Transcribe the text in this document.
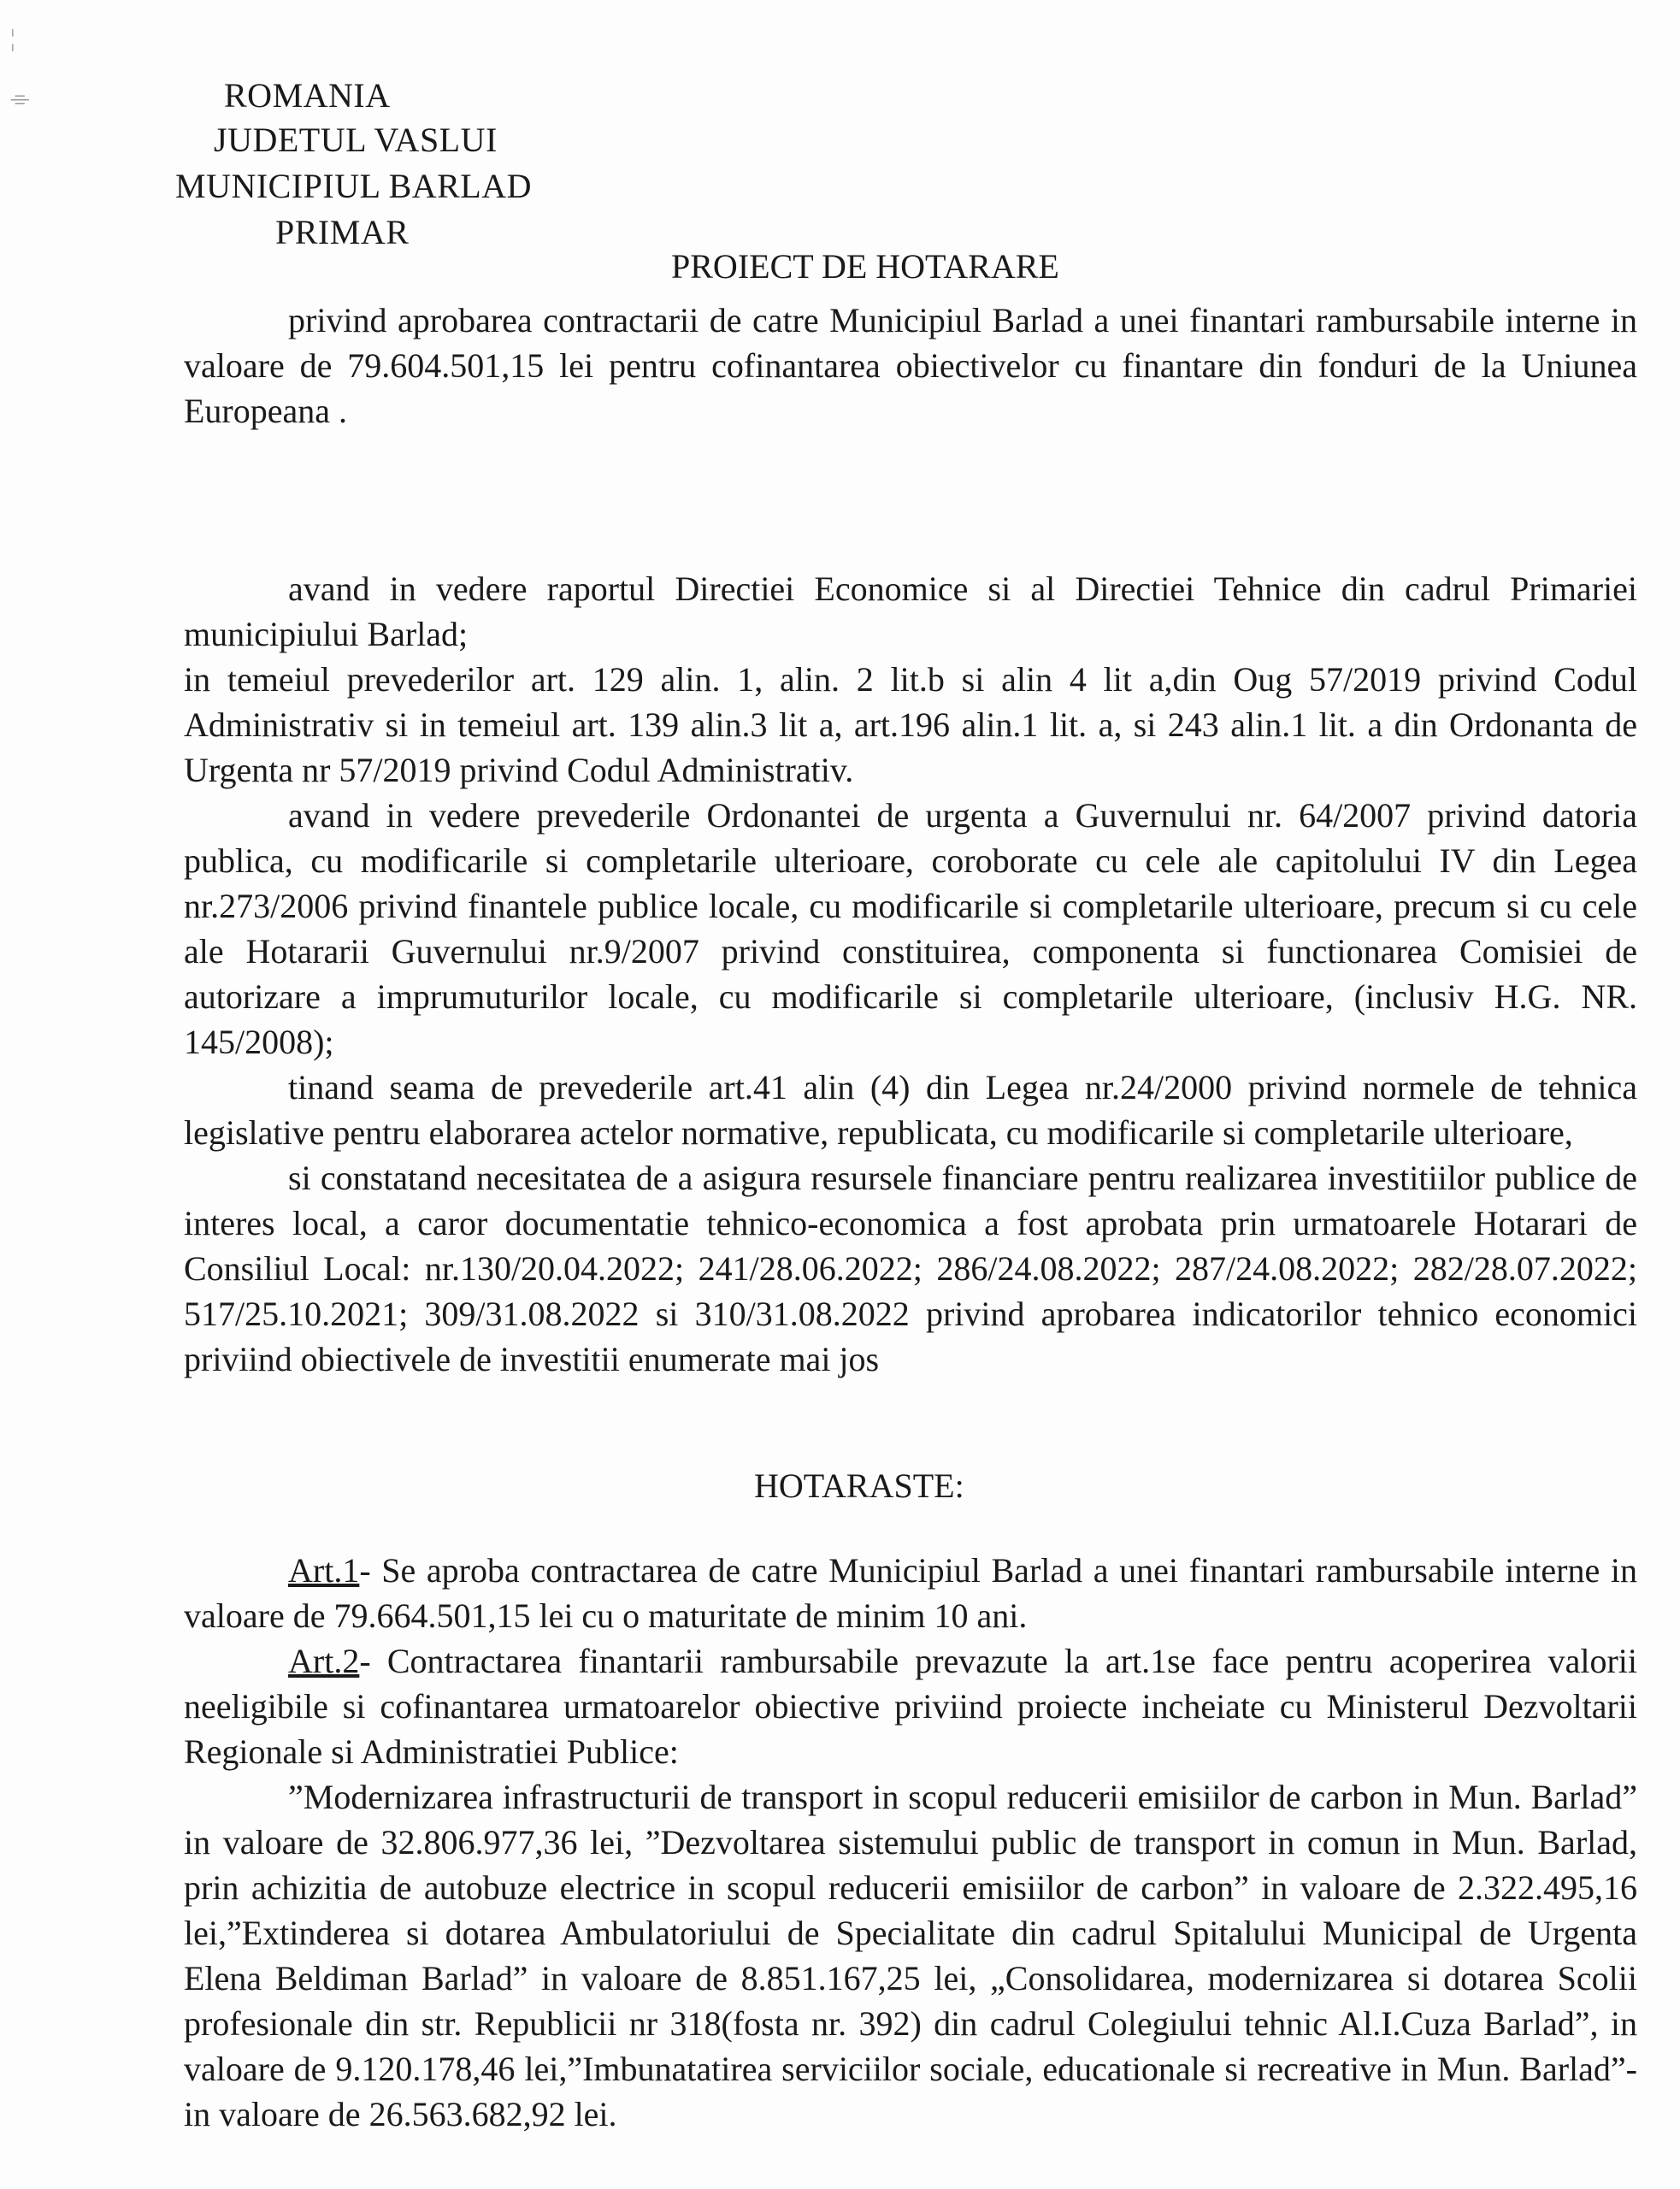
¦
⌯	ROMANIA
JUDETUL VASLUI
MUNICIPIUL BARLAD
PRIMAR
PROIECT DE HOTARARE

privind aprobarea contractarii de catre Municipiul Barlad a unei finantari rambursabile interne in valoare de 79.604.501,15 lei pentru cofinantarea obiectivelor cu finantare din fonduri de la Uniunea Europeana .

avand in vedere raportul Directiei Economice si al Directiei Tehnice din cadrul Primariei municipiului Barlad;

in temeiul prevederilor art. 129 alin. 1, alin. 2 lit.b si alin 4 lit a,din Oug 57/2019 privind Codul Administrativ si in temeiul art. 139 alin.3 lit a, art.196 alin.1 lit. a, si 243 alin.1 lit. a din Ordonanta de Urgenta nr 57/2019 privind Codul Administrativ.

avand in vedere prevederile Ordonantei de urgenta a Guvernului nr. 64/2007 privind datoria publica, cu modificarile si completarile ulterioare, coroborate cu cele ale capitolului IV din Legea nr.273/2006 privind finantele publice locale, cu modificarile si completarile ulterioare, precum si cu cele ale Hotararii Guvernului nr.9/2007 privind constituirea, componenta si functionarea Comisiei de autorizare a imprumuturilor locale, cu modificarile si completarile ulterioare, (inclusiv H.G. NR. 145/2008);

tinand seama de prevederile art.41 alin (4) din Legea nr.24/2000 privind normele de tehnica legislative pentru elaborarea actelor normative, republicata, cu modificarile si completarile ulterioare,

si constatand necesitatea de a asigura resursele financiare pentru realizarea investitiilor publice de interes local, a caror documentatie tehnico-economica a fost aprobata prin urmatoarele Hotarari de Consiliul Local: nr.130/20.04.2022; 241/28.06.2022; 286/24.08.2022; 287/24.08.2022; 282/28.07.2022; 517/25.10.2021; 309/31.08.2022 si 310/31.08.2022 privind aprobarea indicatorilor tehnico economici priviind obiectivele de investitii enumerate mai jos

HOTARASTE:

Art.1- Se aproba contractarea de catre Municipiul Barlad a unei finantari rambursabile interne in valoare de 79.664.501,15 lei cu o maturitate de minim 10 ani.

Art.2- Contractarea finantarii rambursabile prevazute la art.1se face pentru acoperirea valorii neeligibile si cofinantarea urmatoarelor obiective priviind proiecte incheiate cu Ministerul Dezvoltarii Regionale si Administratiei Publice:

”Modernizarea infrastructurii de transport in scopul reducerii emisiilor de carbon in Mun. Barlad” in valoare de 32.806.977,36 lei, ”Dezvoltarea sistemului public de transport in comun in Mun. Barlad, prin achizitia de autobuze electrice in scopul reducerii emisiilor de carbon” in valoare de 2.322.495,16 lei,”Extinderea si dotarea Ambulatoriului de Specialitate din cadrul Spitalului Municipal de Urgenta Elena Beldiman Barlad” in valoare de 8.851.167,25 lei, „Consolidarea, modernizarea si dotarea Scolii profesionale din str. Republicii nr 318(fosta nr. 392) din cadrul Colegiului tehnic Al.I.Cuza Barlad”, in valoare de 9.120.178,46 lei,”Imbunatatirea serviciilor sociale, educationale si recreative in Mun. Barlad”- in valoare de 26.563.682,92 lei.
